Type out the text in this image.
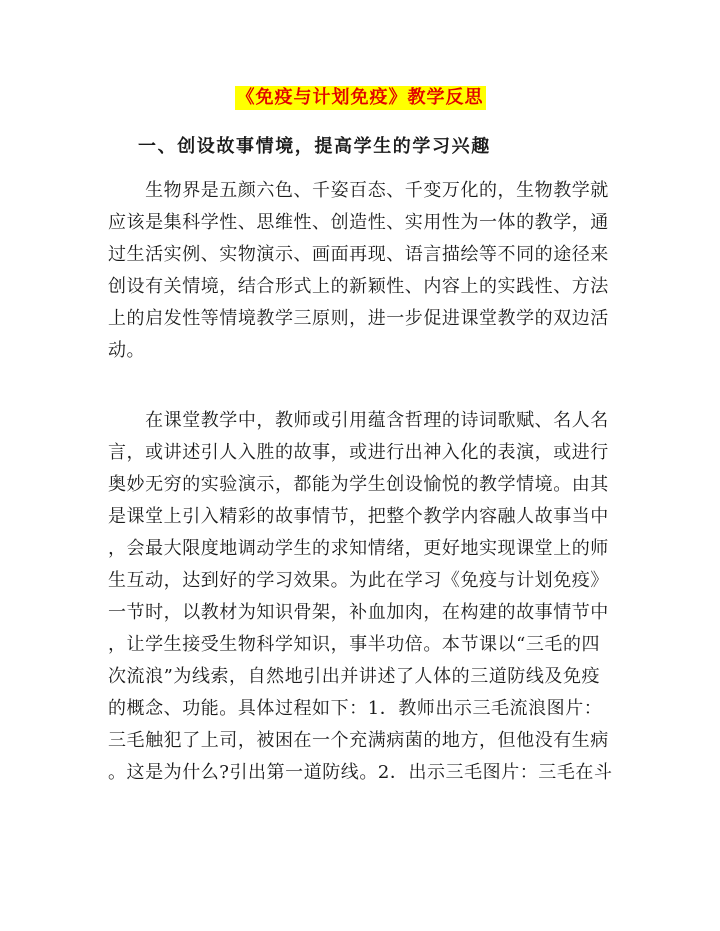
《免疫与计划免疫》教学反思
一、创设故事情境，提高学生的学习兴趣
　　生物界是五颜六色、千姿百态、千变万化的，生物教学就
应该是集科学性、思维性、创造性、实用性为一体的教学，通
过生活实例、实物演示、画面再现、语言描绘等不同的途径来
创设有关情境，结合形式上的新颖性、内容上的实践性、方法
上的启发性等情境教学三原则，进一步促进课堂教学的双边活
动。
　　在课堂教学中，教师或引用蕴含哲理的诗词歌赋、名人名
言，或讲述引人入胜的故事，或进行出神入化的表演，或进行
奥妙无穷的实验演示，都能为学生创设愉悦的教学情境。由其
是课堂上引入精彩的故事情节，把整个教学内容融人故事当中
，会最大限度地调动学生的求知情绪，更好地实现课堂上的师
生互动，达到好的学习效果。为此在学习《免疫与计划免疫》
一节时，以教材为知识骨架，补血加肉，在构建的故事情节中
，让学生接受生物科学知识，事半功倍。本节课以“三毛的四
次流浪”为线索，自然地引出并讲述了人体的三道防线及免疫
的概念、功能。具体过程如下：1．教师出示三毛流浪图片：
三毛触犯了上司，被困在一个充满病菌的地方，但他没有生病
。这是为什么?引出第一道防线。2．出示三毛图片：三毛在斗
